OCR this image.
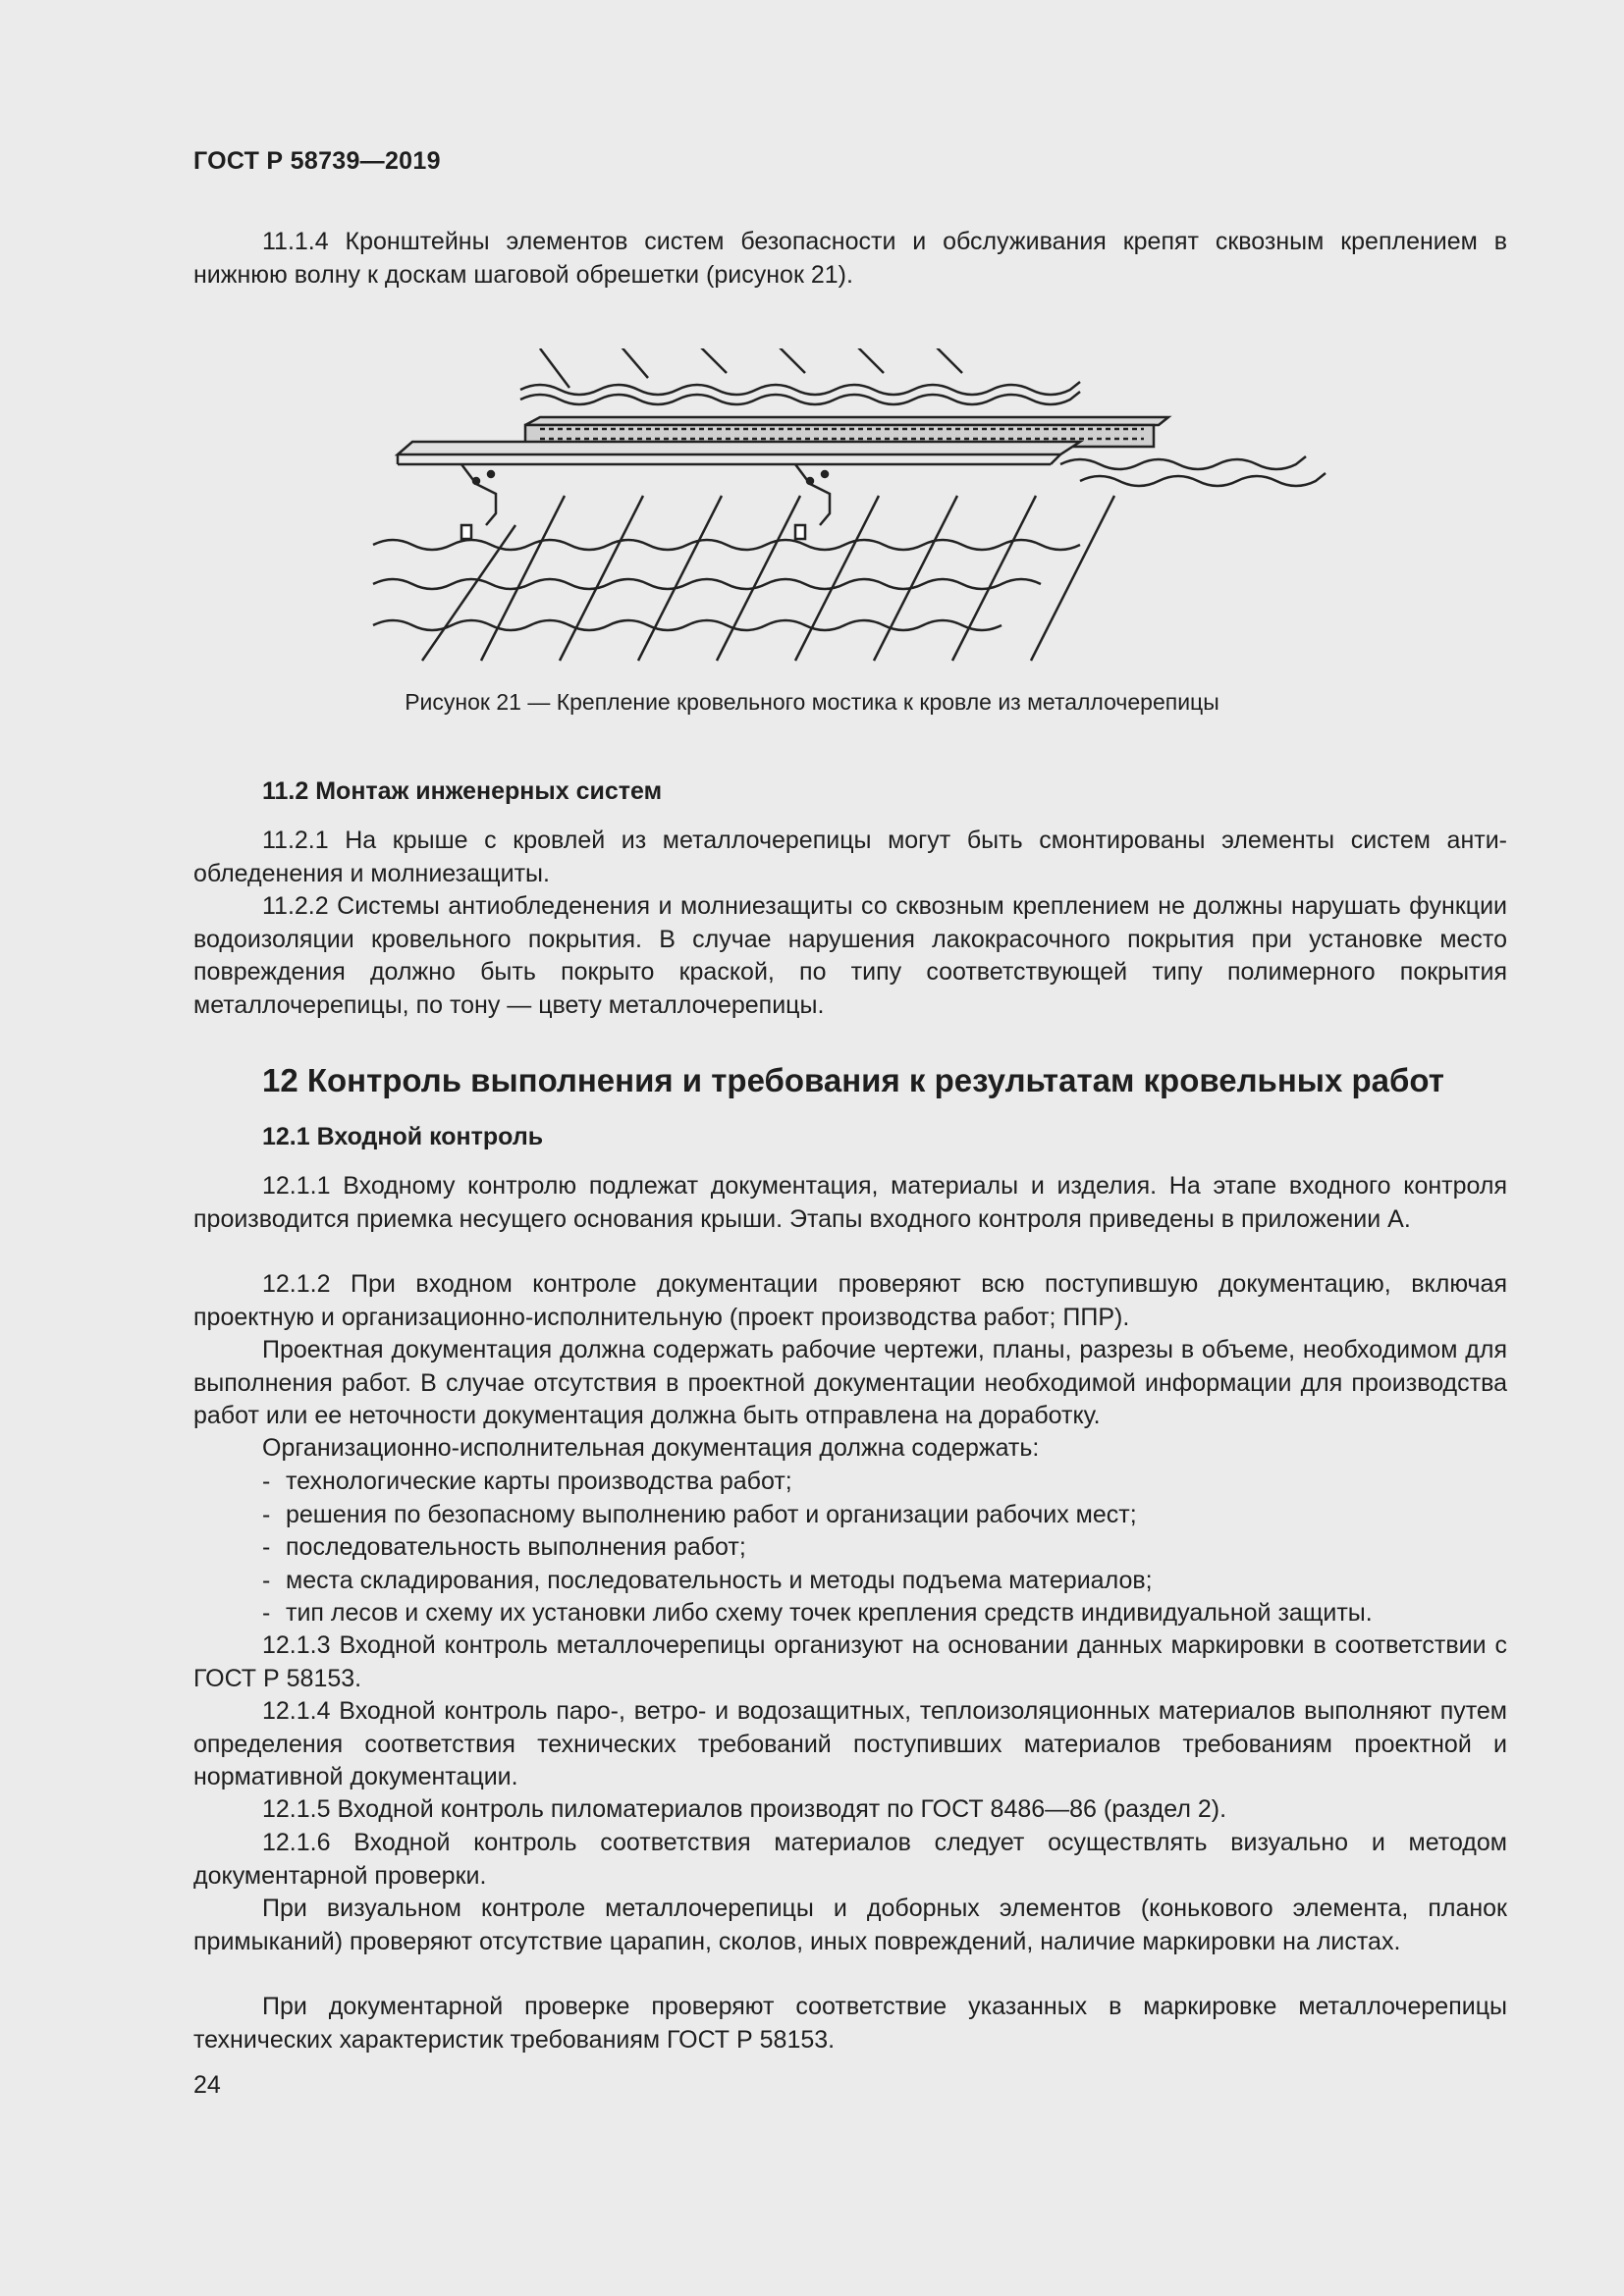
ГОСТ Р 58739—2019

11.1.4 Кронштейны элементов систем безопасности и обслуживания крепят сквозным креплением в нижнюю волну к доскам шаговой обрешетки (рисунок 21).

Рисунок 21 — Крепление кровельного мостика к кровле из металлочерепицы
11.2 Монтаж инженерных систем

11.2.1 На крыше с кровлей из металлочерепицы могут быть смонтированы элементы систем антиобледенения и молниезащиты.

11.2.2 Системы антиобледенения и молниезащиты со сквозным креплением не должны нарушать функции водоизоляции кровельного покрытия. В случае нарушения лакокрасочного покрытия при установке место повреждения должно быть покрыто краской, по типу соответствующей типу полимерного покрытия металлочерепицы, по тону — цвету металлочерепицы.

12 Контроль выполнения и требования к результатам кровельных работ
12.1 Входной контроль

12.1.1 Входному контролю подлежат документация, материалы и изделия. На этапе входного контроля производится приемка несущего основания крыши. Этапы входного контроля приведены в приложении А.

12.1.2 При входном контроле документации проверяют всю поступившую документацию, включая проектную и организационно-исполнительную (проект производства работ; ППР).

Проектная документация должна содержать рабочие чертежи, планы, разрезы в объеме, необходимом для выполнения работ. В случае отсутствия в проектной документации необходимой информации для производства работ или ее неточности документация должна быть отправлена на доработку.

Организационно-исполнительная документация должна содержать:

- технологические карты производства работ;
- решения по безопасному выполнению работ и организации рабочих мест;
- последовательность выполнения работ;
- места складирования, последовательность и методы подъема материалов;
- тип лесов и схему их установки либо схему точек крепления средств индивидуальной защиты.

12.1.3 Входной контроль металлочерепицы организуют на основании данных маркировки в соответствии с ГОСТ Р 58153.

12.1.4 Входной контроль паро-, ветро- и водозащитных, теплоизоляционных материалов выполняют путем определения соответствия технических требований поступивших материалов требованиям проектной и нормативной документации.

12.1.5 Входной контроль пиломатериалов производят по ГОСТ 8486—86 (раздел 2).

12.1.6 Входной контроль соответствия материалов следует осуществлять визуально и методом документарной проверки.

При визуальном контроле металлочерепицы и доборных элементов (конькового элемента, планок примыканий) проверяют отсутствие царапин, сколов, иных повреждений, наличие маркировки на листах.

При документарной проверке проверяют соответствие указанных в маркировке металлочерепицы технических характеристик требованиям ГОСТ Р 58153.

24
